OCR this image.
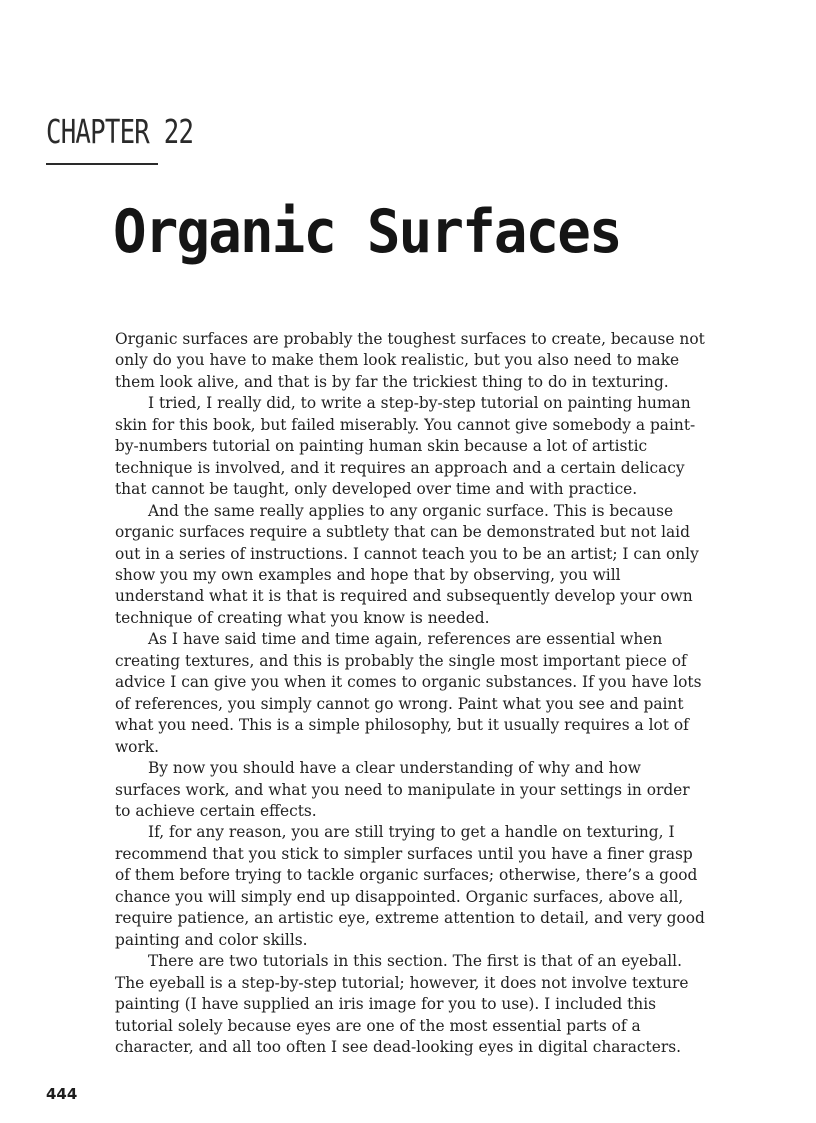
CHAPTER 22
Organic Surfaces

Organic surfaces are probably the toughest surfaces to create, because not only do you have to make them look realistic, but you also need to make them look alive, and that is by far the trickiest thing to do in texturing.

I tried, I really did, to write a step-by-step tutorial on painting human skin for this book, but failed miserably. You cannot give somebody a paint-by-numbers tutorial on painting human skin because a lot of artistic technique is involved, and it requires an approach and a certain delicacy that cannot be taught, only developed over time and with practice.

And the same really applies to any organic surface. This is because organic surfaces require a subtlety that can be demonstrated but not laid out in a series of instructions. I cannot teach you to be an artist; I can only show you my own examples and hope that by observing, you will understand what it is that is required and subsequently develop your own technique of creating what you know is needed.

As I have said time and time again, references are essential when creating textures, and this is probably the single most important piece of advice I can give you when it comes to organic substances. If you have lots of references, you simply cannot go wrong. Paint what you see and paint what you need. This is a simple philosophy, but it usually requires a lot of work.

By now you should have a clear understanding of why and how surfaces work, and what you need to manipulate in your settings in order to achieve certain effects.

If, for any reason, you are still trying to get a handle on texturing, I recommend that you stick to simpler surfaces until you have a finer grasp of them before trying to tackle organic surfaces; otherwise, there’s a good chance you will simply end up disappointed. Organic surfaces, above all, require patience, an artistic eye, extreme attention to detail, and very good painting and color skills.

There are two tutorials in this section. The first is that of an eyeball. The eyeball is a step-by-step tutorial; however, it does not involve texture painting (I have supplied an iris image for you to use). I included this tutorial solely because eyes are one of the most essential parts of a character, and all too often I see dead-looking eyes in digital characters.

444
